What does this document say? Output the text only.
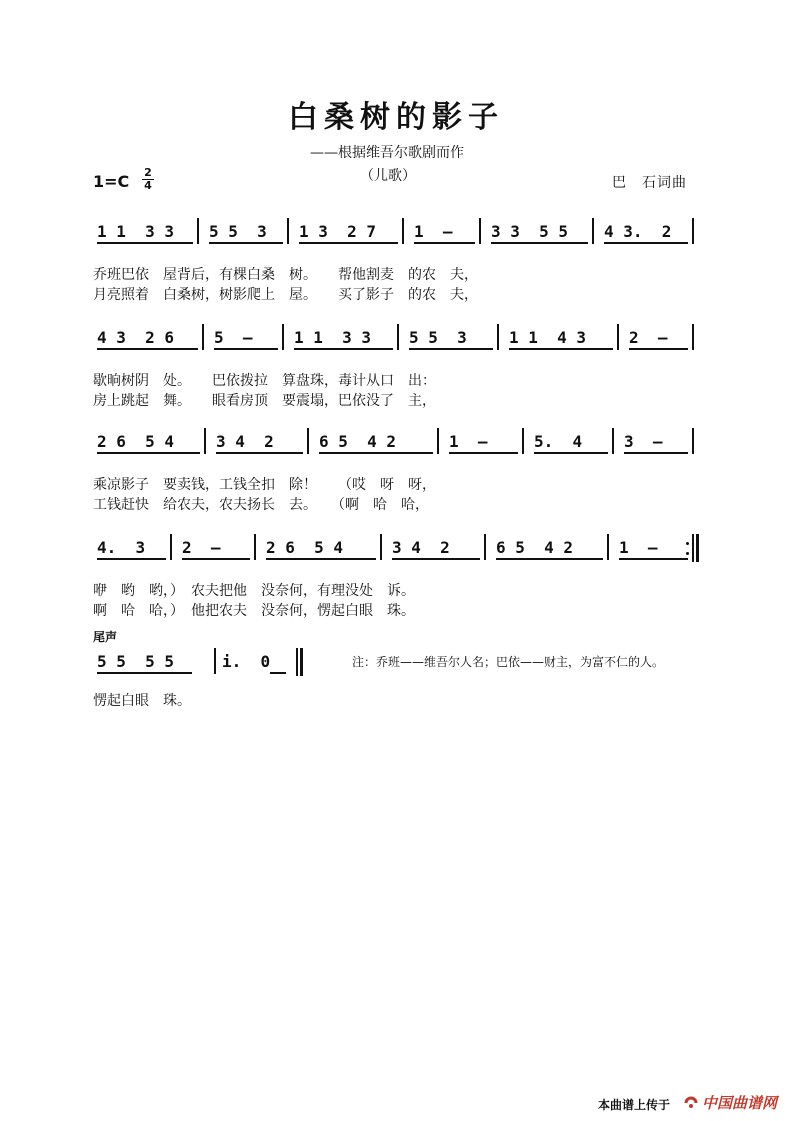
白桑树的影子
——根据维吾尔歌剧而作
（儿歌）
1=C 2
4	巴　石词曲
1 1  3 3 5 5  3 1 3  2 7 1  – 3 3  5 5 4 3.  2
乔班巴依　屋背后，有棵白桑　树。　　帮他割麦　的农　夫，
月亮照着　白桑树，树影爬上　屋。　　买了影子　的农　夫，
4 3  2 6 5  –	1 1  3 3 5 5  3	1 1  4 3	2  –
歇晌树阴　处。　　巴依拨拉　算盘珠，毒计从口　出：
房上跳起　舞。　　眼看房顶　要震塌，巴依没了　主，
2 6  5 4	3 4  2	6 5  4 2	1  –	5.  4	3  –
乘凉影子　要卖钱，工钱全扣　除！　　（哎　呀　呀，
工钱赶快　给农夫，农夫扬长　去。　　（啊　哈　哈，
4.  3 2  –	2 6  5 4	3 4  2	6 5  4 2	1  –
咿　哟　哟，）　农夫把他　没奈何，有理没处　诉。
啊　哈　哈，）　他把农夫　没奈何，愣起白眼　珠。
5 5  5 5	i.  0
尾声
注：乔班——维吾尔人名；巴依——财主，为富不仁的人。
愣起白眼　珠。
本曲谱上传于 中国曲谱网
